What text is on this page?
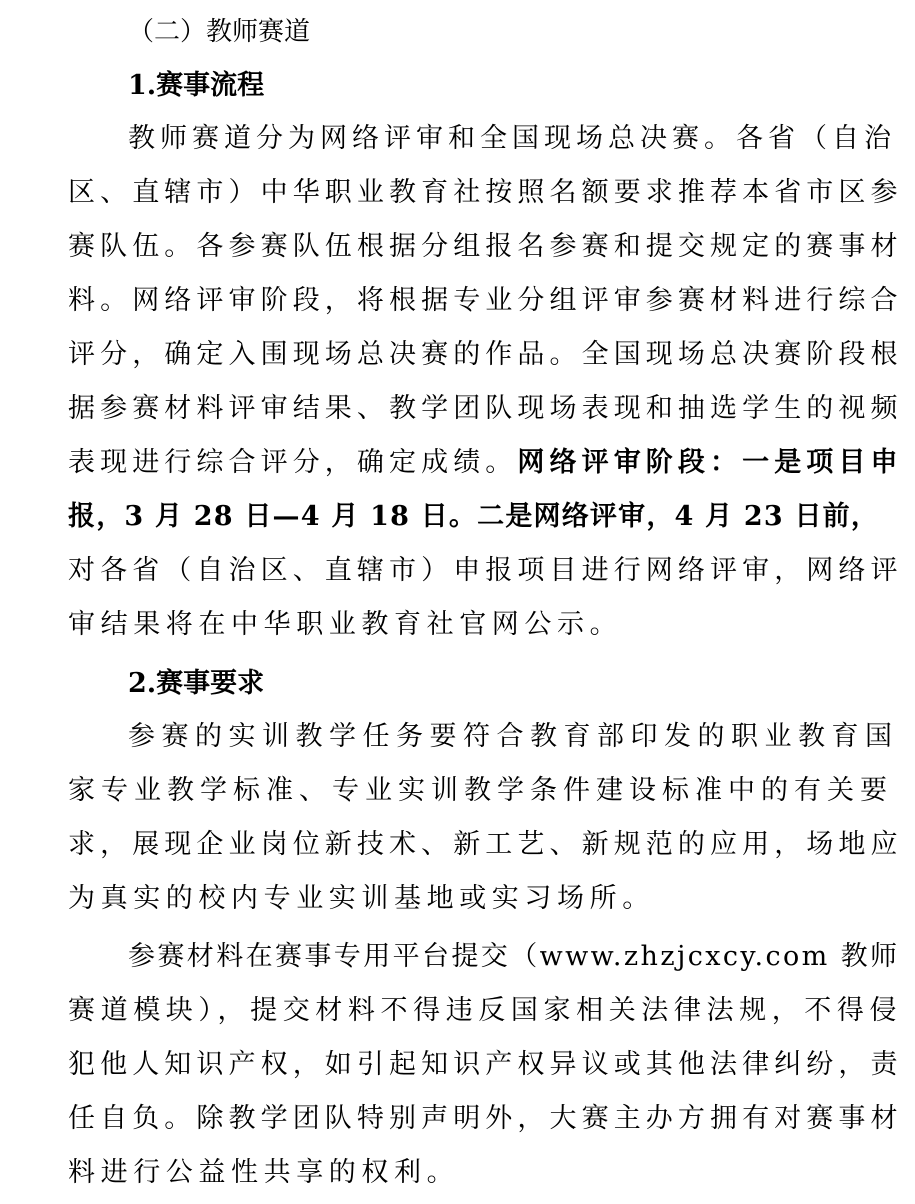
（二）教师赛道
1.赛事流程
教师赛道分为网络评审和全国现场总决赛。各省（自治
区、直辖市）中华职业教育社按照名额要求推荐本省市区参
赛队伍。各参赛队伍根据分组报名参赛和提交规定的赛事材
料。网络评审阶段，将根据专业分组评审参赛材料进行综合
评分，确定入围现场总决赛的作品。全国现场总决赛阶段根
据参赛材料评审结果、教学团队现场表现和抽选学生的视频
表现进行综合评分，确定成绩。网络评审阶段：一是项目申
报，3 月 28 日—4 月 18 日。二是网络评审，4 月 23 日前，
对各省（自治区、直辖市）申报项目进行网络评审，网络评
审结果将在中华职业教育社官网公示。
2.赛事要求
参赛的实训教学任务要符合教育部印发的职业教育国
家专业教学标准、专业实训教学条件建设标准中的有关要
求，展现企业岗位新技术、新工艺、新规范的应用，场地应
为真实的校内专业实训基地或实习场所。
参赛材料在赛事专用平台提交（www.zhzjcxcy.com 教师
赛道模块），提交材料不得违反国家相关法律法规，不得侵
犯他人知识产权，如引起知识产权异议或其他法律纠纷，责
任自负。除教学团队特别声明外，大赛主办方拥有对赛事材
料进行公益性共享的权利。
